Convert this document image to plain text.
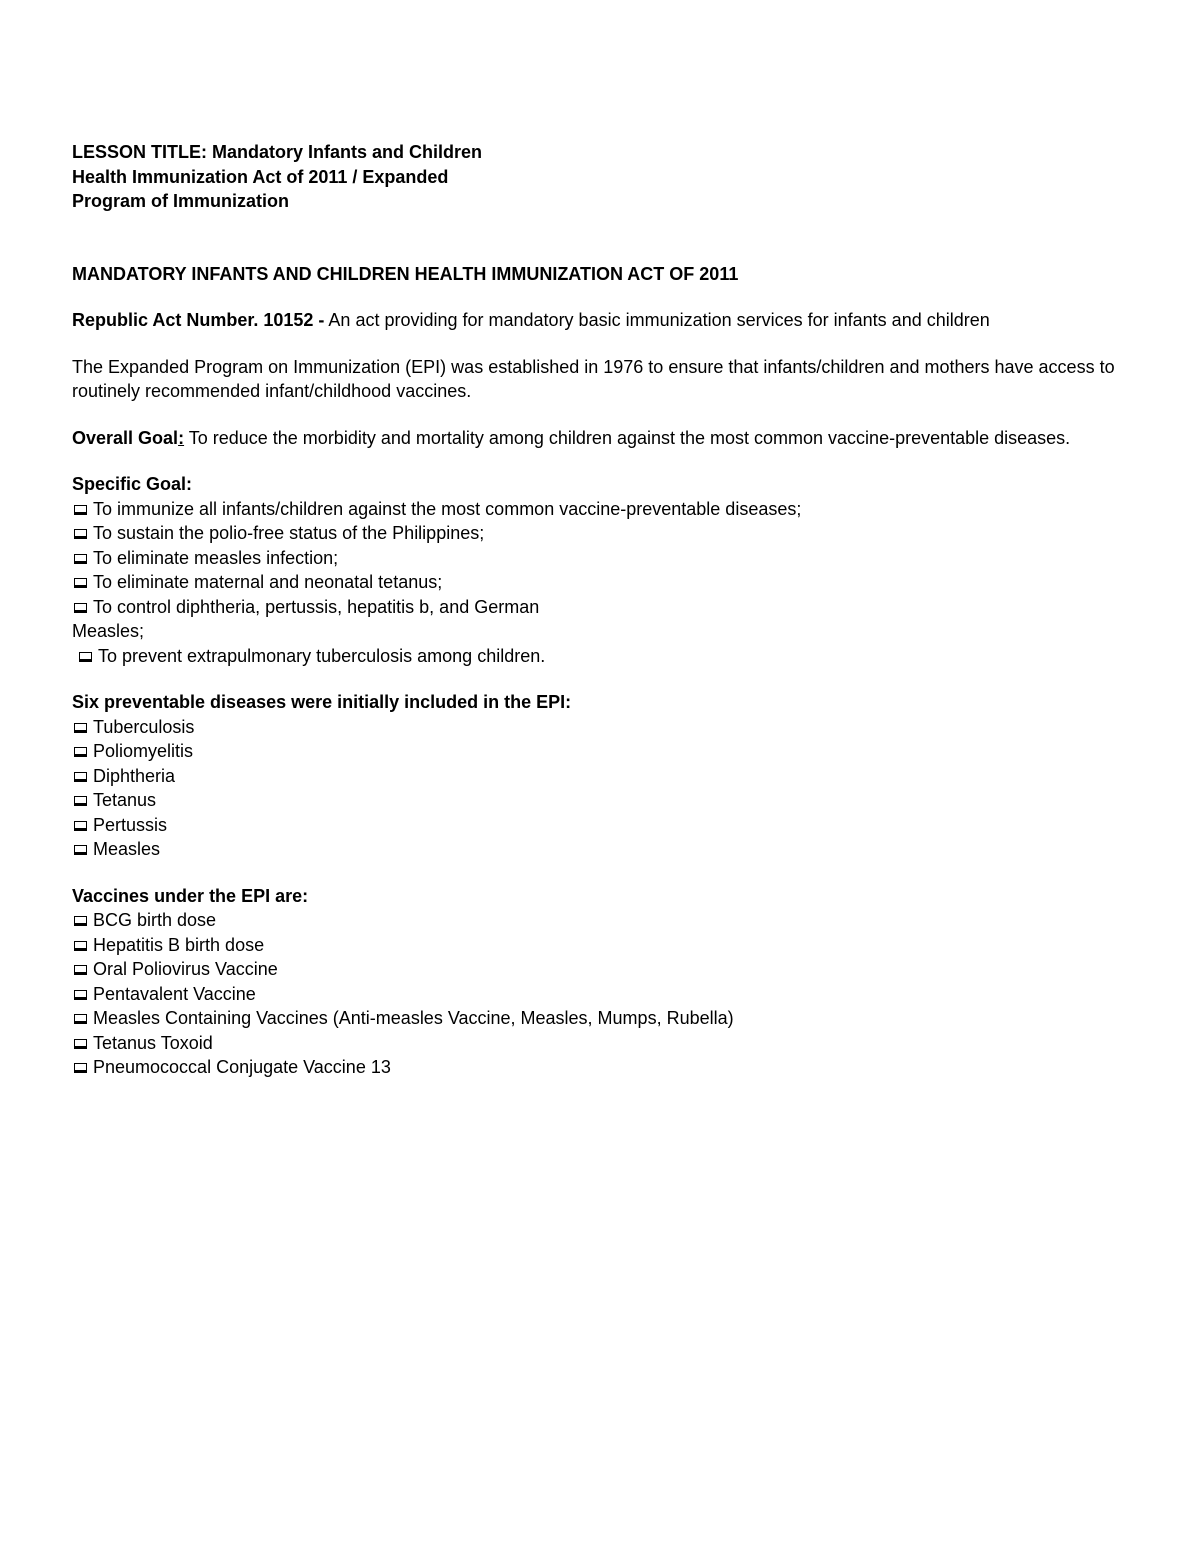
LESSON TITLE: Mandatory Infants and Children
Health Immunization Act of 2011 / Expanded
Program of Immunization
MANDATORY INFANTS AND CHILDREN HEALTH IMMUNIZATION ACT OF 2011
Republic Act Number. 10152 - An act providing for mandatory basic immunization services for infants and children
The Expanded Program on Immunization (EPI) was established in 1976 to ensure that infants/children and mothers have access to routinely recommended infant/childhood vaccines.
Overall Goal: To reduce the morbidity and mortality among children against the most common vaccine-preventable diseases.
Specific Goal:
To immunize all infants/children against the most common vaccine-preventable diseases;
To sustain the polio-free status of the Philippines;
To eliminate measles infection;
To eliminate maternal and neonatal tetanus;
To control diphtheria, pertussis, hepatitis b, and German
Measles;
To prevent extrapulmonary tuberculosis among children.
Six preventable diseases were initially included in the EPI:
Tuberculosis
Poliomyelitis
Diphtheria
Tetanus
Pertussis
Measles
Vaccines under the EPI are:
BCG birth dose
Hepatitis B birth dose
Oral Poliovirus Vaccine
Pentavalent Vaccine
Measles Containing Vaccines (Anti-measles Vaccine, Measles, Mumps, Rubella)
Tetanus Toxoid
Pneumococcal Conjugate Vaccine 13
